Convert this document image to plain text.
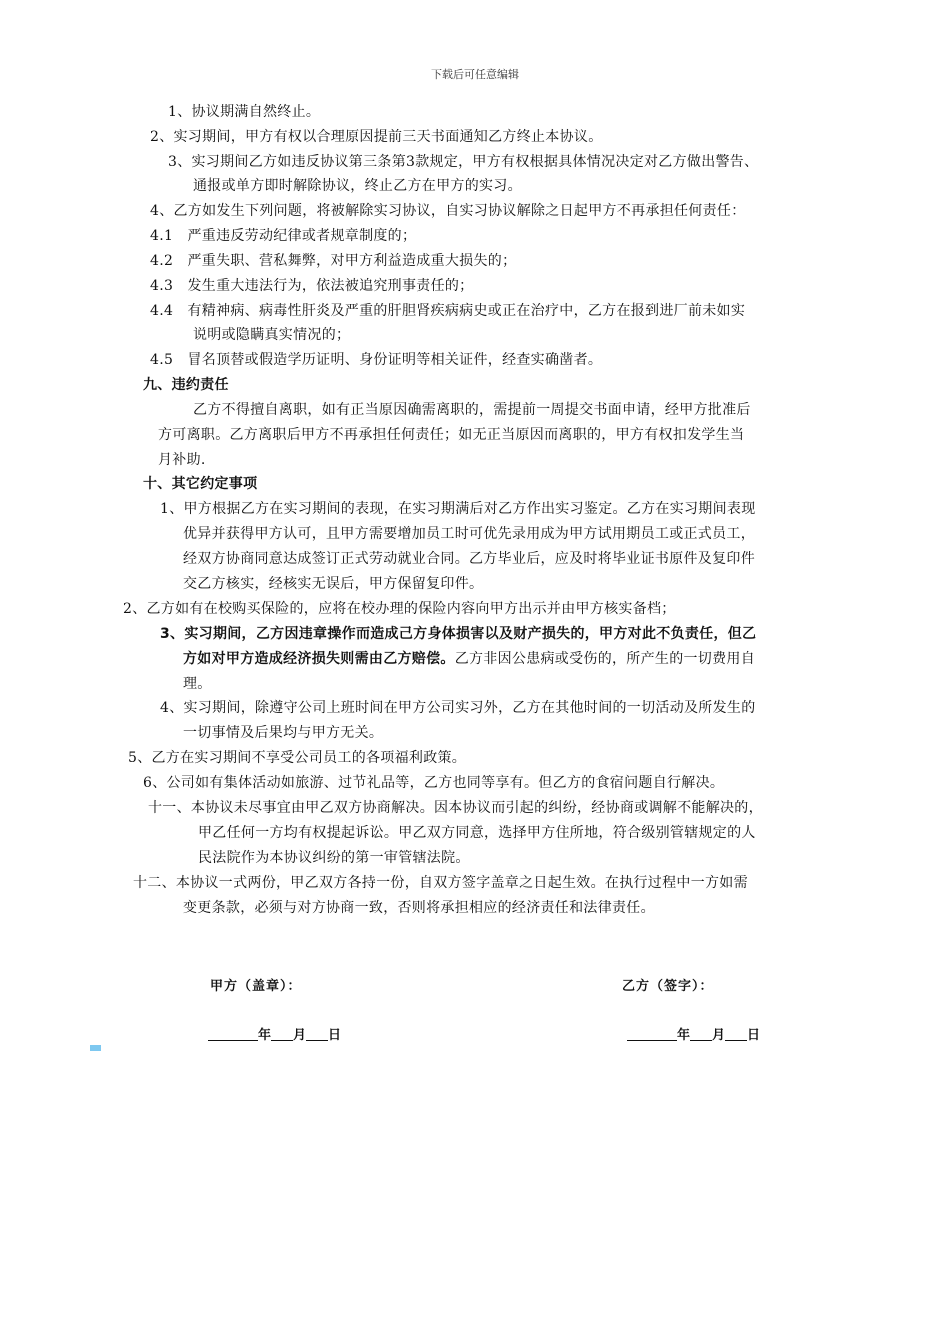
下载后可任意编辑
1、协议期满自然终止。
2、实习期间，甲方有权以合理原因提前三天书面通知乙方终止本协议。
3、实习期间乙方如违反协议第三条第3款规定，甲方有权根据具体情况决定对乙方做出警告、
通报或单方即时解除协议，终止乙方在甲方的实习。
4、乙方如发生下列问题，将被解除实习协议，自实习协议解除之日起甲方不再承担任何责任：
4.1　严重违反劳动纪律或者规章制度的；
4.2　严重失职、营私舞弊，对甲方利益造成重大损失的；
4.3　发生重大违法行为，依法被追究刑事责任的；
4.4　有精神病、病毒性肝炎及严重的肝胆肾疾病病史或正在治疗中，乙方在报到进厂前未如实
说明或隐瞒真实情况的；
4.5　冒名顶替或假造学历证明、身份证明等相关证件，经查实确凿者。
九、违约责任
乙方不得擅自离职，如有正当原因确需离职的，需提前一周提交书面申请，经甲方批准后
方可离职。乙方离职后甲方不再承担任何责任；如无正当原因而离职的，甲方有权扣发学生当
月补助.
十、其它约定事项
1、甲方根据乙方在实习期间的表现，在实习期满后对乙方作出实习鉴定。乙方在实习期间表现
优异并获得甲方认可，且甲方需要增加员工时可优先录用成为甲方试用期员工或正式员工，
经双方协商同意达成签订正式劳动就业合同。乙方毕业后，应及时将毕业证书原件及复印件
交乙方核实，经核实无误后，甲方保留复印件。
2、乙方如有在校购买保险的，应将在校办理的保险内容向甲方出示并由甲方核实备档；
3、实习期间，乙方因违章操作而造成己方身体损害以及财产损失的，甲方对此不负责任，但乙
方如对甲方造成经济损失则需由乙方赔偿。乙方非因公患病或受伤的，所产生的一切费用自
理。
4、实习期间，除遵守公司上班时间在甲方公司实习外，乙方在其他时间的一切活动及所发生的
一切事情及后果均与甲方无关。
5、乙方在实习期间不享受公司员工的各项福利政策。
6、公司如有集体活动如旅游、过节礼品等，乙方也同等享有。但乙方的食宿问题自行解决。
十一、本协议未尽事宜由甲乙双方协商解决。因本协议而引起的纠纷，经协商或调解不能解决的，
甲乙任何一方均有权提起诉讼。甲乙双方同意，选择甲方住所地，符合级别管辖规定的人
民法院作为本协议纠纷的第一审管辖法院。
十二、本协议一式两份，甲乙双方各持一份，自双方签字盖章之日起生效。在执行过程中一方如需
变更条款，必须与对方协商一致，否则将承担相应的经济责任和法律责任。
甲方（盖章）：	乙方（签字）：
年 月 日	年 月 日
